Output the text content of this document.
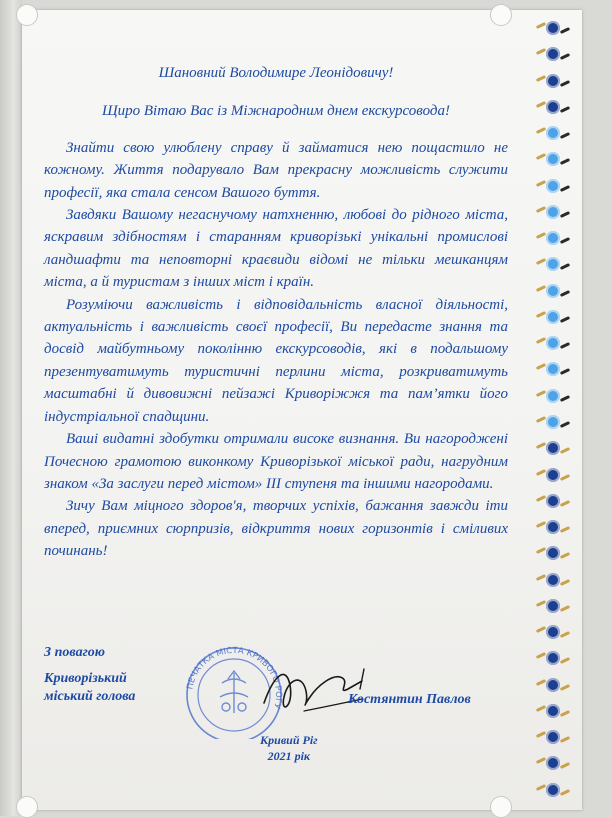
Шановний Володимире Леонідовичу!

Щиро Вітаю Вас із Міжнародним днем екскурсовода!

Знайти свою улюблену справу й займатися нею пощастило не кожному. Життя подарувало Вам прекрасну можливість служити професії, яка стала сенсом Вашого буття.

Завдяки Вашому негаснучому натхненню, любові до рідного міста, яскравим здібностям і старанням криворізькі унікальні промислові ландшафти та неповторні краєвиди відомі не тільки мешканцям міста, а й туристам з інших міст і країн.

Розуміючи важливість і відповідальність власної діяльності, актуальність і важливість своєї професії, Ви передасте знання та досвід майбутньому поколінню екскурсоводів, які в подальшому презентуватимуть туристичні перлини міста, розкриватимуть масштабні й дивовижні пейзажі Криворіжжя та пам’ятки його індустріальної спадщини.

Ваші видатні здобутки отримали високе визнання. Ви нагороджені Почесною грамотою виконкому Криворізької міської ради, нагрудним знаком «За заслуги перед містом» III ступеня та іншими нагородами.

Зичу Вам міцного здоров'я, творчих успіхів, бажання завжди іти вперед, приємних сюрпризів, відкриття нових горизонтів і сміливих починань!

З повагою
Криворізький міський голова
ПЕЧАТКА МІСТА КРИВОГО РОГУ	Костянтин Павлов
Кривий Ріг
2021 рік
